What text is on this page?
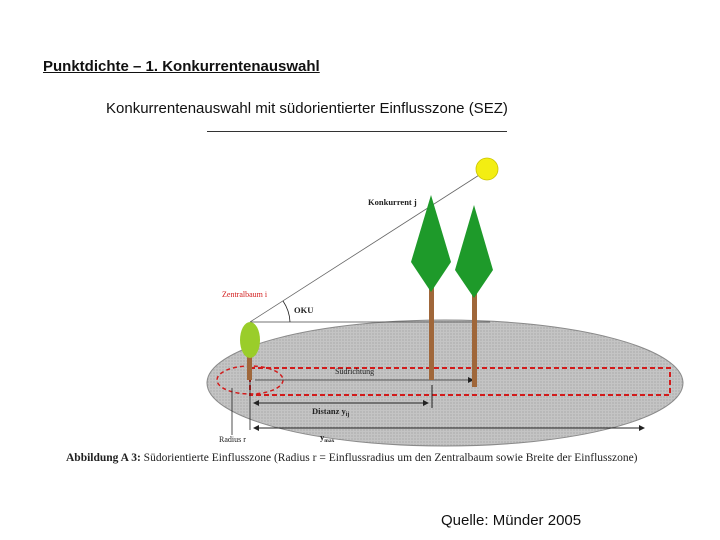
Punktdichte – 1. Konkurrentenauswahl
Konkurrentenauswahl mit südorientierter Einflusszone (SEZ)
Südrichtung
Distanz $y_{ij}$
$y_{max}$
Radius r
OKU
Konkurrent j
Zentralbaum i
Abbildung A 3: Südorientierte Einflusszone (Radius r = Einflussradius um den Zentralbaum sowie Breite der Einflusszone)
Quelle: Münder 2005
